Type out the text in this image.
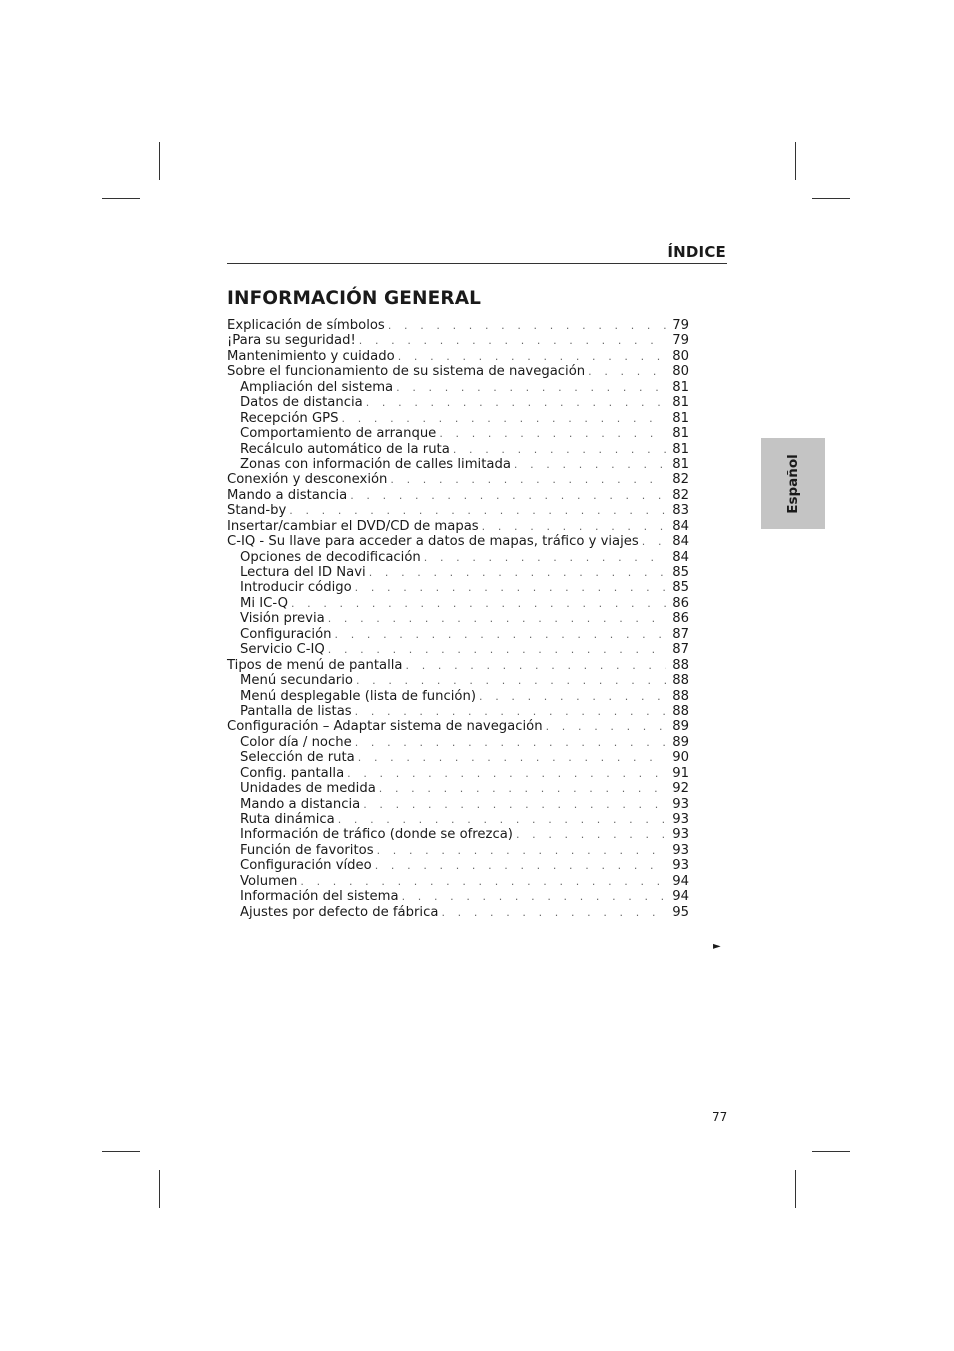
ÍNDICE
INFORMACIÓN GENERAL
Explicación de símbolos . . .	79
¡Para su seguridad! . . .	79
Mantenimiento y cuidado . . .	80
Sobre el funcionamiento de su sistema de navegación . . .	80
Ampliación del sistema . . .	81
Datos de distancia . . .	81
Recepción GPS . . .	81
Comportamiento de arranque . . .	81
Recálculo automático de la ruta . . .	81
Zonas con información de calles limitada . . .	81
Conexión y desconexión . . .	82
Mando a distancia . . .	82
Stand-by . . .	83
Insertar/cambiar el DVD/CD de mapas . . .	84
C-IQ - Su llave para acceder a datos de mapas, tráfico y viajes . . .	84
Opciones de decodificación . . .	84
Lectura del ID Navi . . .	85
Introducir código . . .	85
Mi IC-Q . . .	86
Visión previa . . .	86
Configuración . . .	87
Servicio C-IQ . . .	87
Tipos de menú de pantalla . . .	88
Menú secundario . . .	88
Menú desplegable (lista de función) . . .	88
Pantalla de listas . . .	88
Configuración – Adaptar sistema de navegación . . .	89
Color día / noche . . .	89
Selección de ruta . . .	90
Config. pantalla . . .	91
Unidades de medida . . .	92
Mando a distancia . . .	93
Ruta dinámica . . .	93
Información de tráfico (donde se ofrezca) . . .	93
Función de favoritos . . .	93
Configuración vídeo . . .	93
Volumen . . .	94
Información del sistema . . .	94
Ajustes por defecto de fábrica . . .	95
►
77
Español
